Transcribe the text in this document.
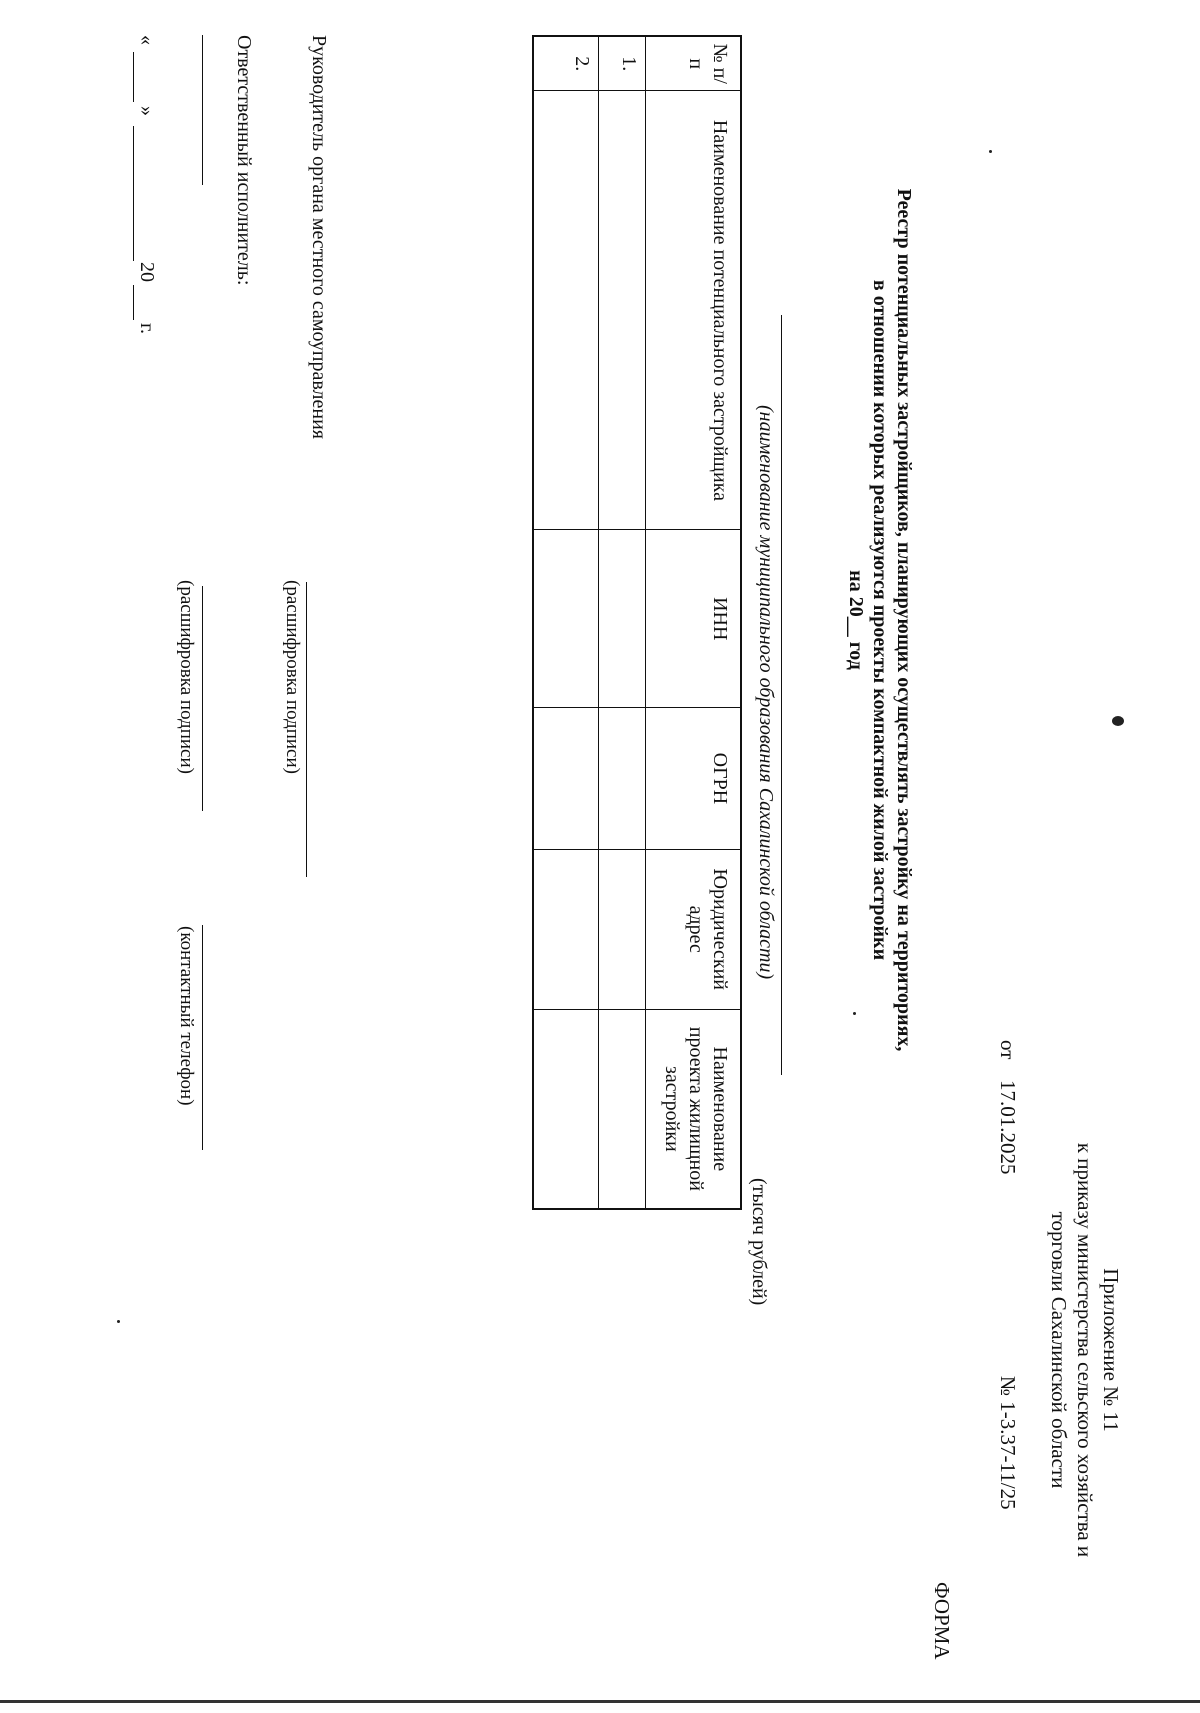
Приложение № 11
к приказу министерства сельского хозяйства и
торговли Сахалинской области
от
17.01.2025
№ 1-3.37-11/25
ФОРМА
Реестр потенциальных застройщиков, планирующих осуществлять застройку на территориях,
в отношении которых реализуются проекты компактной жилой застройки
на 20__ год
(тысяч рублей)
(наименование муниципального образования Сахалинской области)
№ п/п	Наименование потенциального застройщика	ИНН	ОГРН	Юридический адрес	Наименование проекта жилищной застройки
1.					
2.					
Руководитель органа местного самоуправления
(расшифровка подписи)
Ответственный исполнитель:
(расшифровка подписи)
(контактный телефон)
«
»
20
г.
